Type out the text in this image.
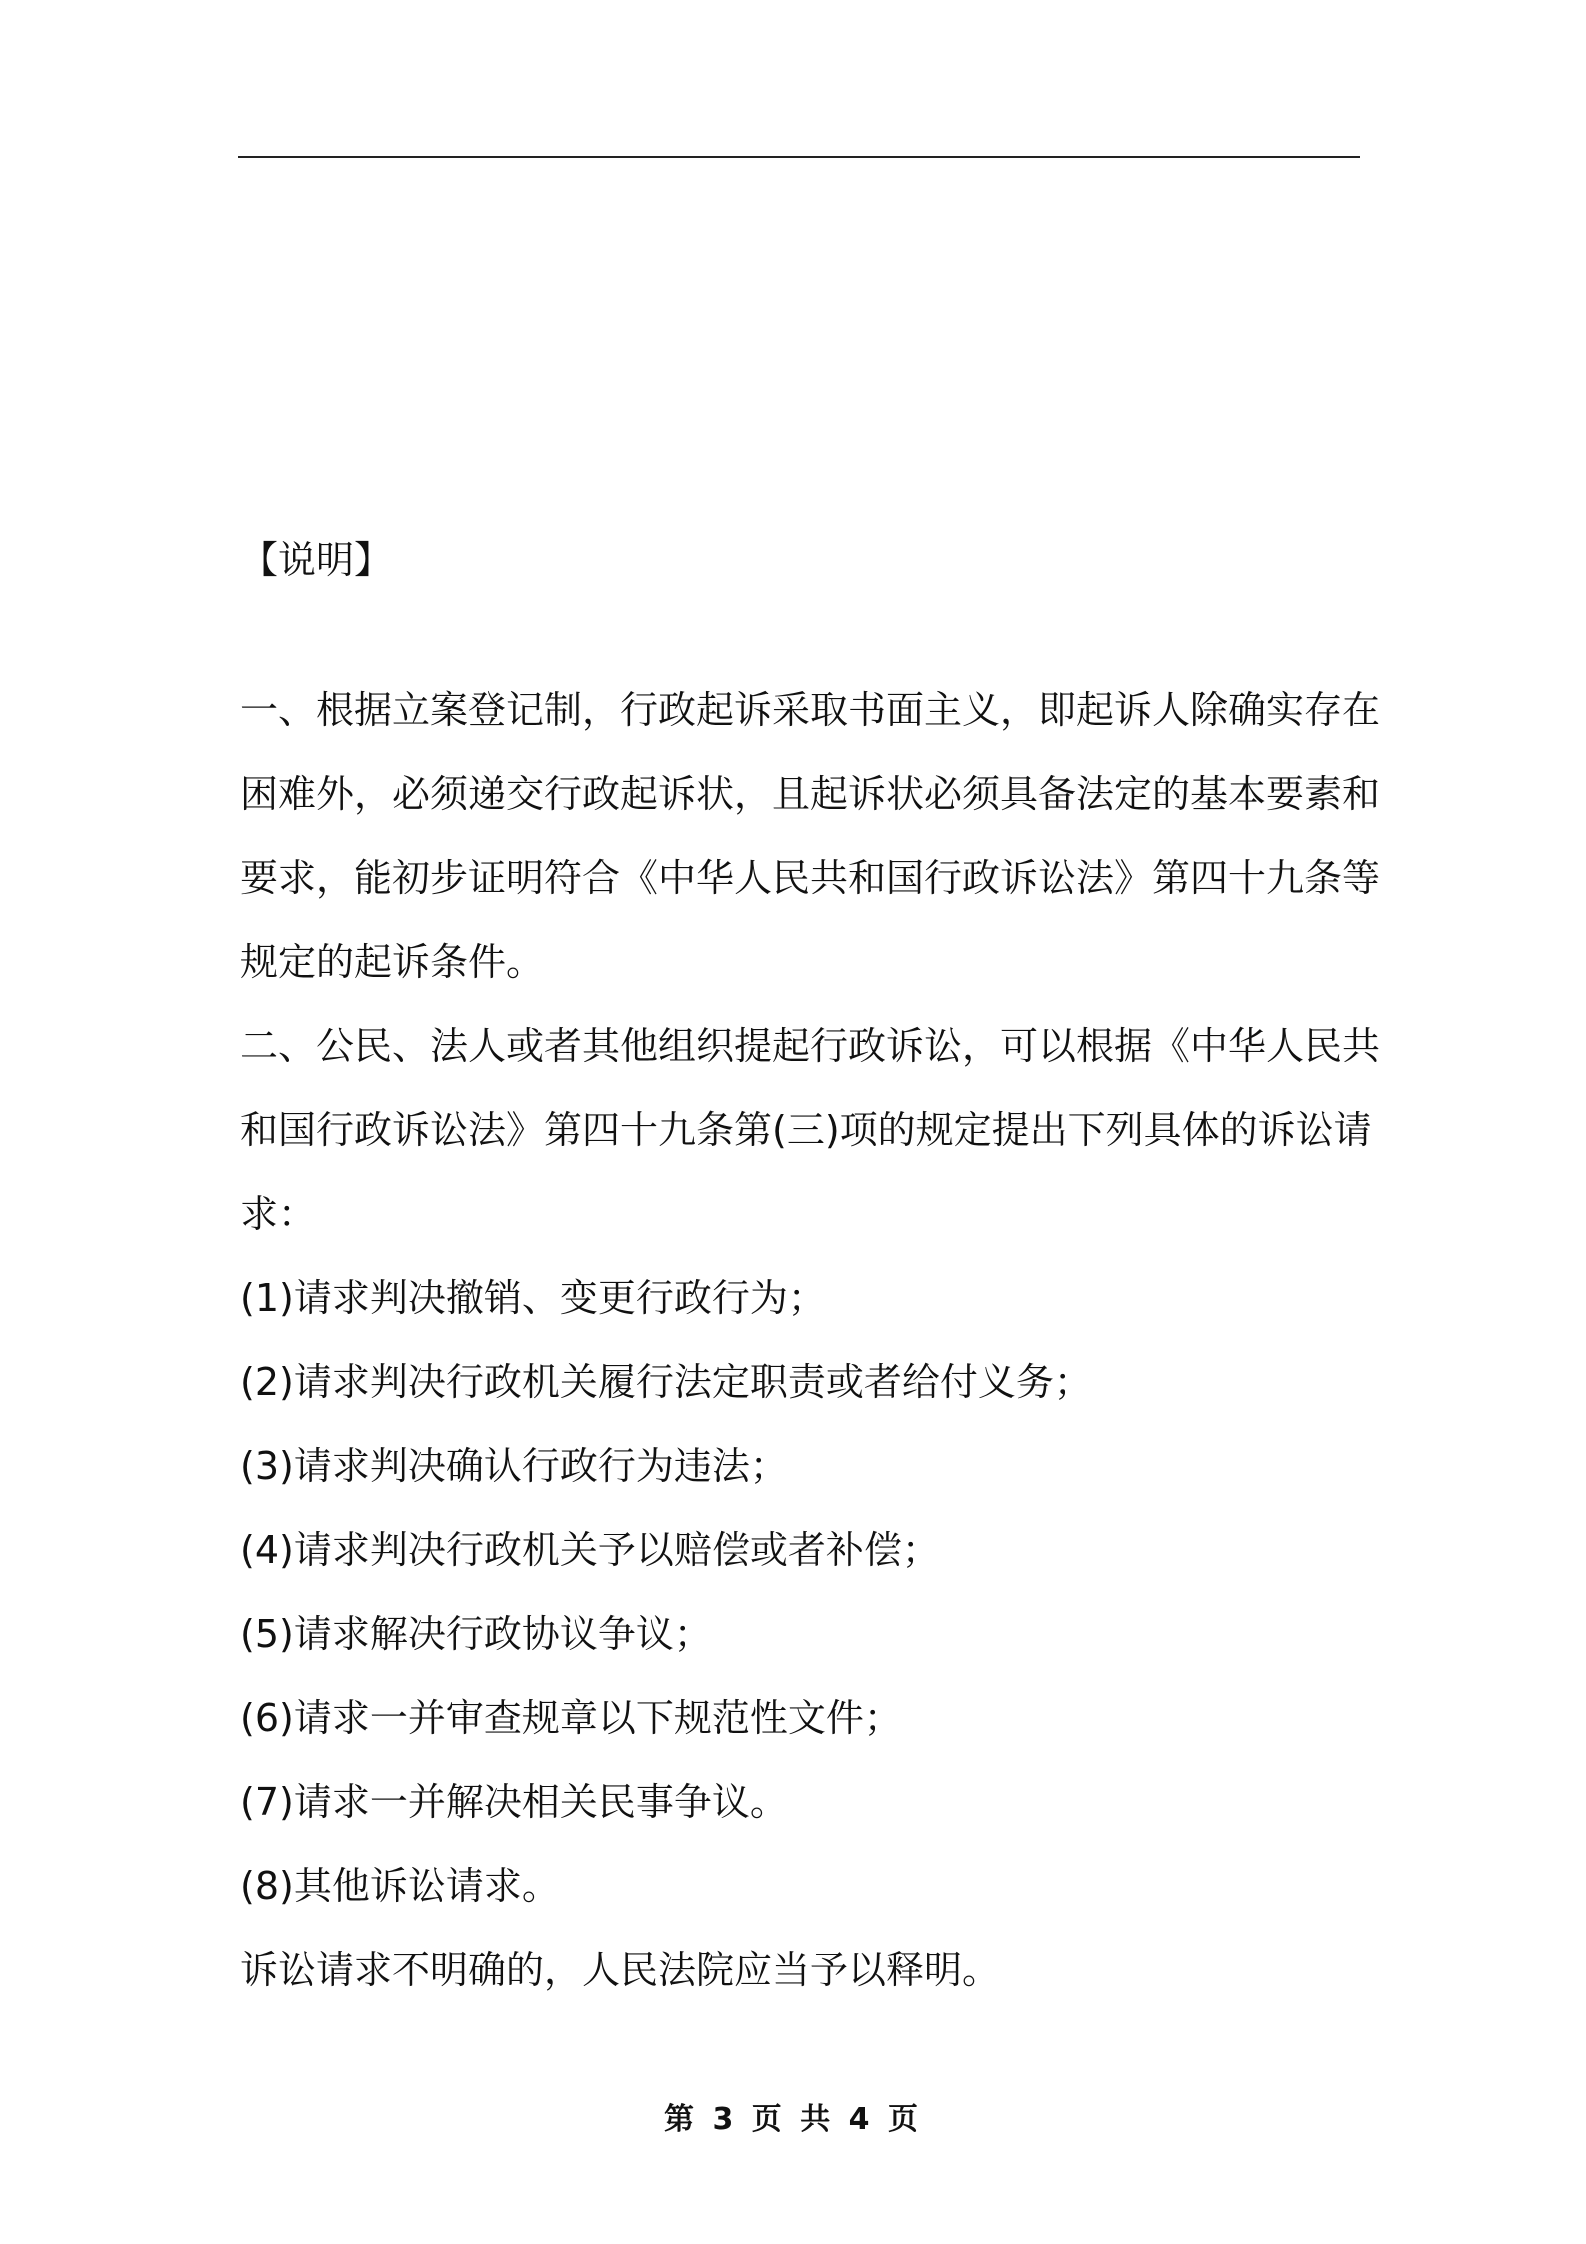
【说明】

一、根据立案登记制，行政起诉采取书面主义，即起诉人除确实存在

困难外，必须递交行政起诉状，且起诉状必须具备法定的基本要素和

要求，能初步证明符合《中华人民共和国行政诉讼法》第四十九条等

规定的起诉条件。

二、公民、法人或者其他组织提起行政诉讼，可以根据《中华人民共

和国行政诉讼法》第四十九条第(三)项的规定提出下列具体的诉讼请

求：

(1)请求判决撤销、变更行政行为；

(2)请求判决行政机关履行法定职责或者给付义务；

(3)请求判决确认行政行为违法；

(4)请求判决行政机关予以赔偿或者补偿；

(5)请求解决行政协议争议；

(6)请求一并审查规章以下规范性文件；

(7)请求一并解决相关民事争议。

(8)其他诉讼请求。

诉讼请求不明确的，人民法院应当予以释明。

第 3 页 共 4 页
